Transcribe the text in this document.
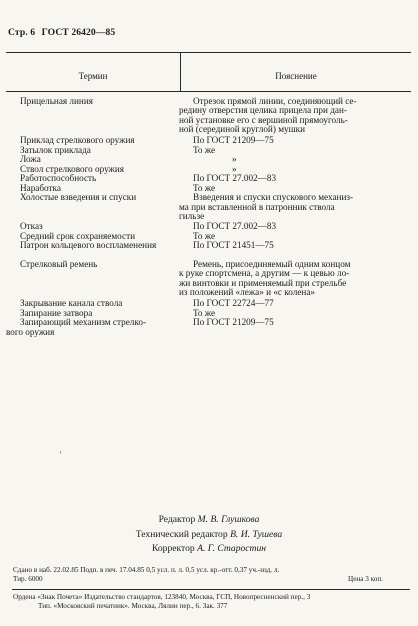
Стр. 6 ГОСТ 26420—85
Термин	Пояснение
Прицельная линия	Отрезок прямой линии, соединяющий се-
редину отверстия целика прицела при дан-
ной установке его с вершиной прямоуголь-
ной (серединой круглой) мушки
Приклад стрелкового оружия	По ГОСТ 21209—75
Затылок приклада	То же
Ложа	»
Ствол стрелкового оружия	»
Работоспособность	По ГОСТ 27.002—83
Наработка	То же
Холостые взведения и спуски	Взведения и спуски спускового механиз-
ма при вставленной в патронник ствола
гильзе
Отказ	По ГОСТ 27.002—83
Средний срок сохраняемости	То же
Патрон кольцевого воспламенения	По ГОСТ 21451—75
Стрелковый ремень	Ремень, присоединяемый одним концом
к руке спортсмена, а другим — к цевью ло-
жи винтовки и применяемый при стрельбе
из положений «лежа» и «с колена»
Закрывание канала ствола	По ГОСТ 22724—77
Запирание затвора	То же
Запирающий механизм стрелко-	По ГОСТ 21209—75
вого оружия
'
Редактор М. В. Глушкова
Технический редактор В. И. Тушева
Корректор А. Г. Старостин
Сдано в наб. 22.02.85 Подп. в печ. 17.04.85 0,5 усл. п. л. 0,5 усл. кр.-отт. 0,37 уч.-изд. л.
Тир. 6000	Цена 3 коп.
Ордена «Знак Почета» Издательство стандартов, 123840, Москва, ГСП, Новопресненский пер., 3
Тип. «Московский печатник». Москва, Лялин пер., 6. Зак. 377
